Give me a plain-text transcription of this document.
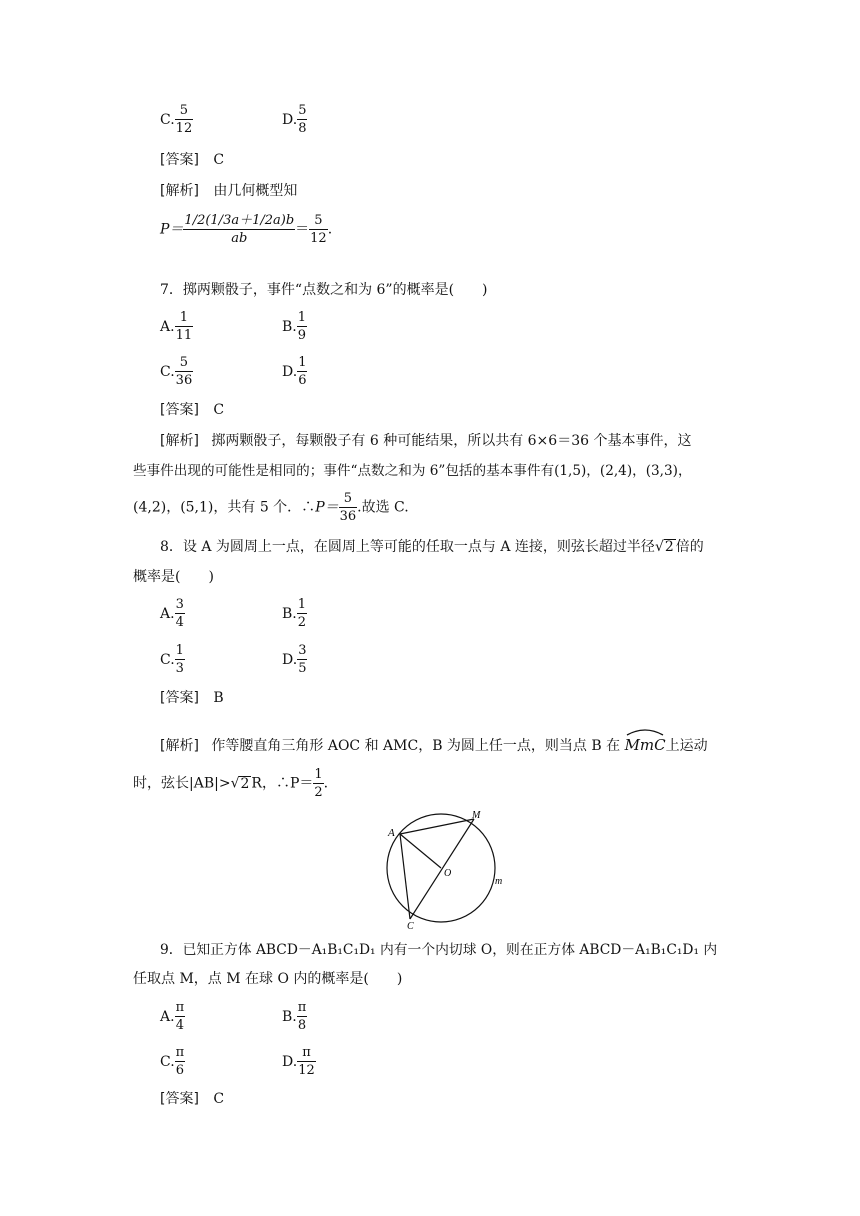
C. $\frac{5}{12}$	D. $\frac{5}{8}$
[答案] C
[解析] 由几何概型知
$P= \frac{1/2(1/3a+1/2a)b}{ab} = \frac{5}{12}$ .
7．掷两颗骰子，事件“点数之和为 6”的概率是(　　)
A. $\frac{1}{11}$	B. $\frac{1}{9}$
C. $\frac{5}{36}$	D. $\frac{1}{6}$
[答案] C
[解析] 掷两颗骰子，每颗骰子有 6 种可能结果，所以共有 6×6＝36 个基本事件，这
些事件出现的可能性是相同的；事件“点数之和为 6”包括的基本事件有(1,5)，(2,4)，(3,3)，
(4,2)，(5,1)，共有 5 个．∴P＝ $\frac{5}{36}$ .故选 C.
8．设 A 为圆周上一点，在圆周上等可能的任取一点与 A 连接，则弦长超过半径√2 倍的
概率是(　　)
A. $\frac{3}{4}$	B. $\frac{1}{2}$
C. $\frac{1}{3}$	D. $\frac{3}{5}$
[答案] B
[解析] 作等腰直角三角形 AOC 和 AMC，B 为圆上任一点，则当点 B 在 MmC上运动
时，弦长|AB|>√2 R，∴P＝ $\frac{1}{2}$ .
A
M
O
m
C
9．已知正方体 ABCD－A₁B₁C₁D₁ 内有一个内切球 O，则在正方体 ABCD－A₁B₁C₁D₁ 内
任取点 M，点 M 在球 O 内的概率是(　　)
A. $\frac{\pi}{4}$	B. $\frac{\pi}{8}$
C. $\frac{\pi}{6}$	D. $\frac{\pi}{12}$
[答案] C
